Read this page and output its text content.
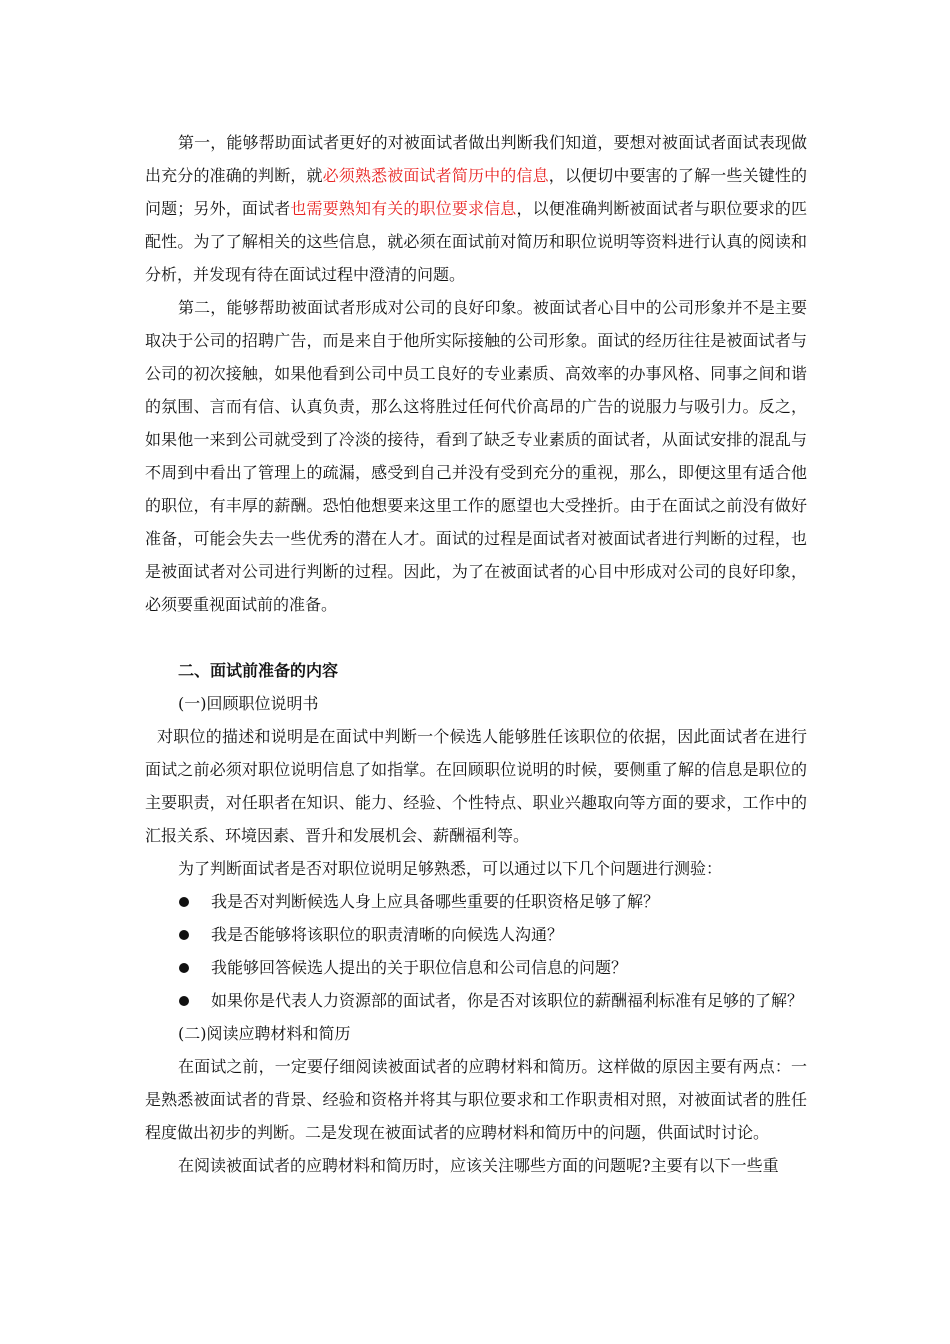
第一，能够帮助面试者更好的对被面试者做出判断我们知道，要想对被面试者面试表现做出充分的准确的判断，就必须熟悉被面试者简历中的信息，以便切中要害的了解一些关键性的问题；另外，面试者也需要熟知有关的职位要求信息，以便准确判断被面试者与职位要求的匹配性。为了了解相关的这些信息，就必须在面试前对简历和职位说明等资料进行认真的阅读和分析，并发现有待在面试过程中澄清的问题。

第二，能够帮助被面试者形成对公司的良好印象。被面试者心目中的公司形象并不是主要取决于公司的招聘广告，而是来自于他所实际接触的公司形象。面试的经历往往是被面试者与公司的初次接触，如果他看到公司中员工良好的专业素质、高效率的办事风格、同事之间和谐的氛围、言而有信、认真负责，那么这将胜过任何代价高昂的广告的说服力与吸引力。反之，如果他一来到公司就受到了冷淡的接待，看到了缺乏专业素质的面试者，从面试安排的混乱与不周到中看出了管理上的疏漏，感受到自己并没有受到充分的重视，那么，即便这里有适合他的职位，有丰厚的薪酬。恐怕他想要来这里工作的愿望也大受挫折。由于在面试之前没有做好准备，可能会失去一些优秀的潜在人才。面试的过程是面试者对被面试者进行判断的过程，也是被面试者对公司进行判断的过程。因此，为了在被面试者的心目中形成对公司的良好印象，必须要重视面试前的准备。

二、面试前准备的内容

(一)回顾职位说明书

对职位的描述和说明是在面试中判断一个候选人能够胜任该职位的依据，因此面试者在进行面试之前必须对职位说明信息了如指掌。在回顾职位说明的时候，要侧重了解的信息是职位的主要职责，对任职者在知识、能力、经验、个性特点、职业兴趣取向等方面的要求，工作中的汇报关系、环境因素、晋升和发展机会、薪酬福利等。

为了判断面试者是否对职位说明足够熟悉，可以通过以下几个问题进行测验：

我是否对判断候选人身上应具备哪些重要的任职资格足够了解？
我是否能够将该职位的职责清晰的向候选人沟通？
我能够回答候选人提出的关于职位信息和公司信息的问题？
如果你是代表人力资源部的面试者，你是否对该职位的薪酬福利标准有足够的了解？

(二)阅读应聘材料和简历

在面试之前，一定要仔细阅读被面试者的应聘材料和简历。这样做的原因主要有两点：一是熟悉被面试者的背景、经验和资格并将其与职位要求和工作职责相对照，对被面试者的胜任程度做出初步的判断。二是发现在被面试者的应聘材料和简历中的问题，供面试时讨论。

在阅读被面试者的应聘材料和简历时，应该关注哪些方面的问题呢?主要有以下一些重
